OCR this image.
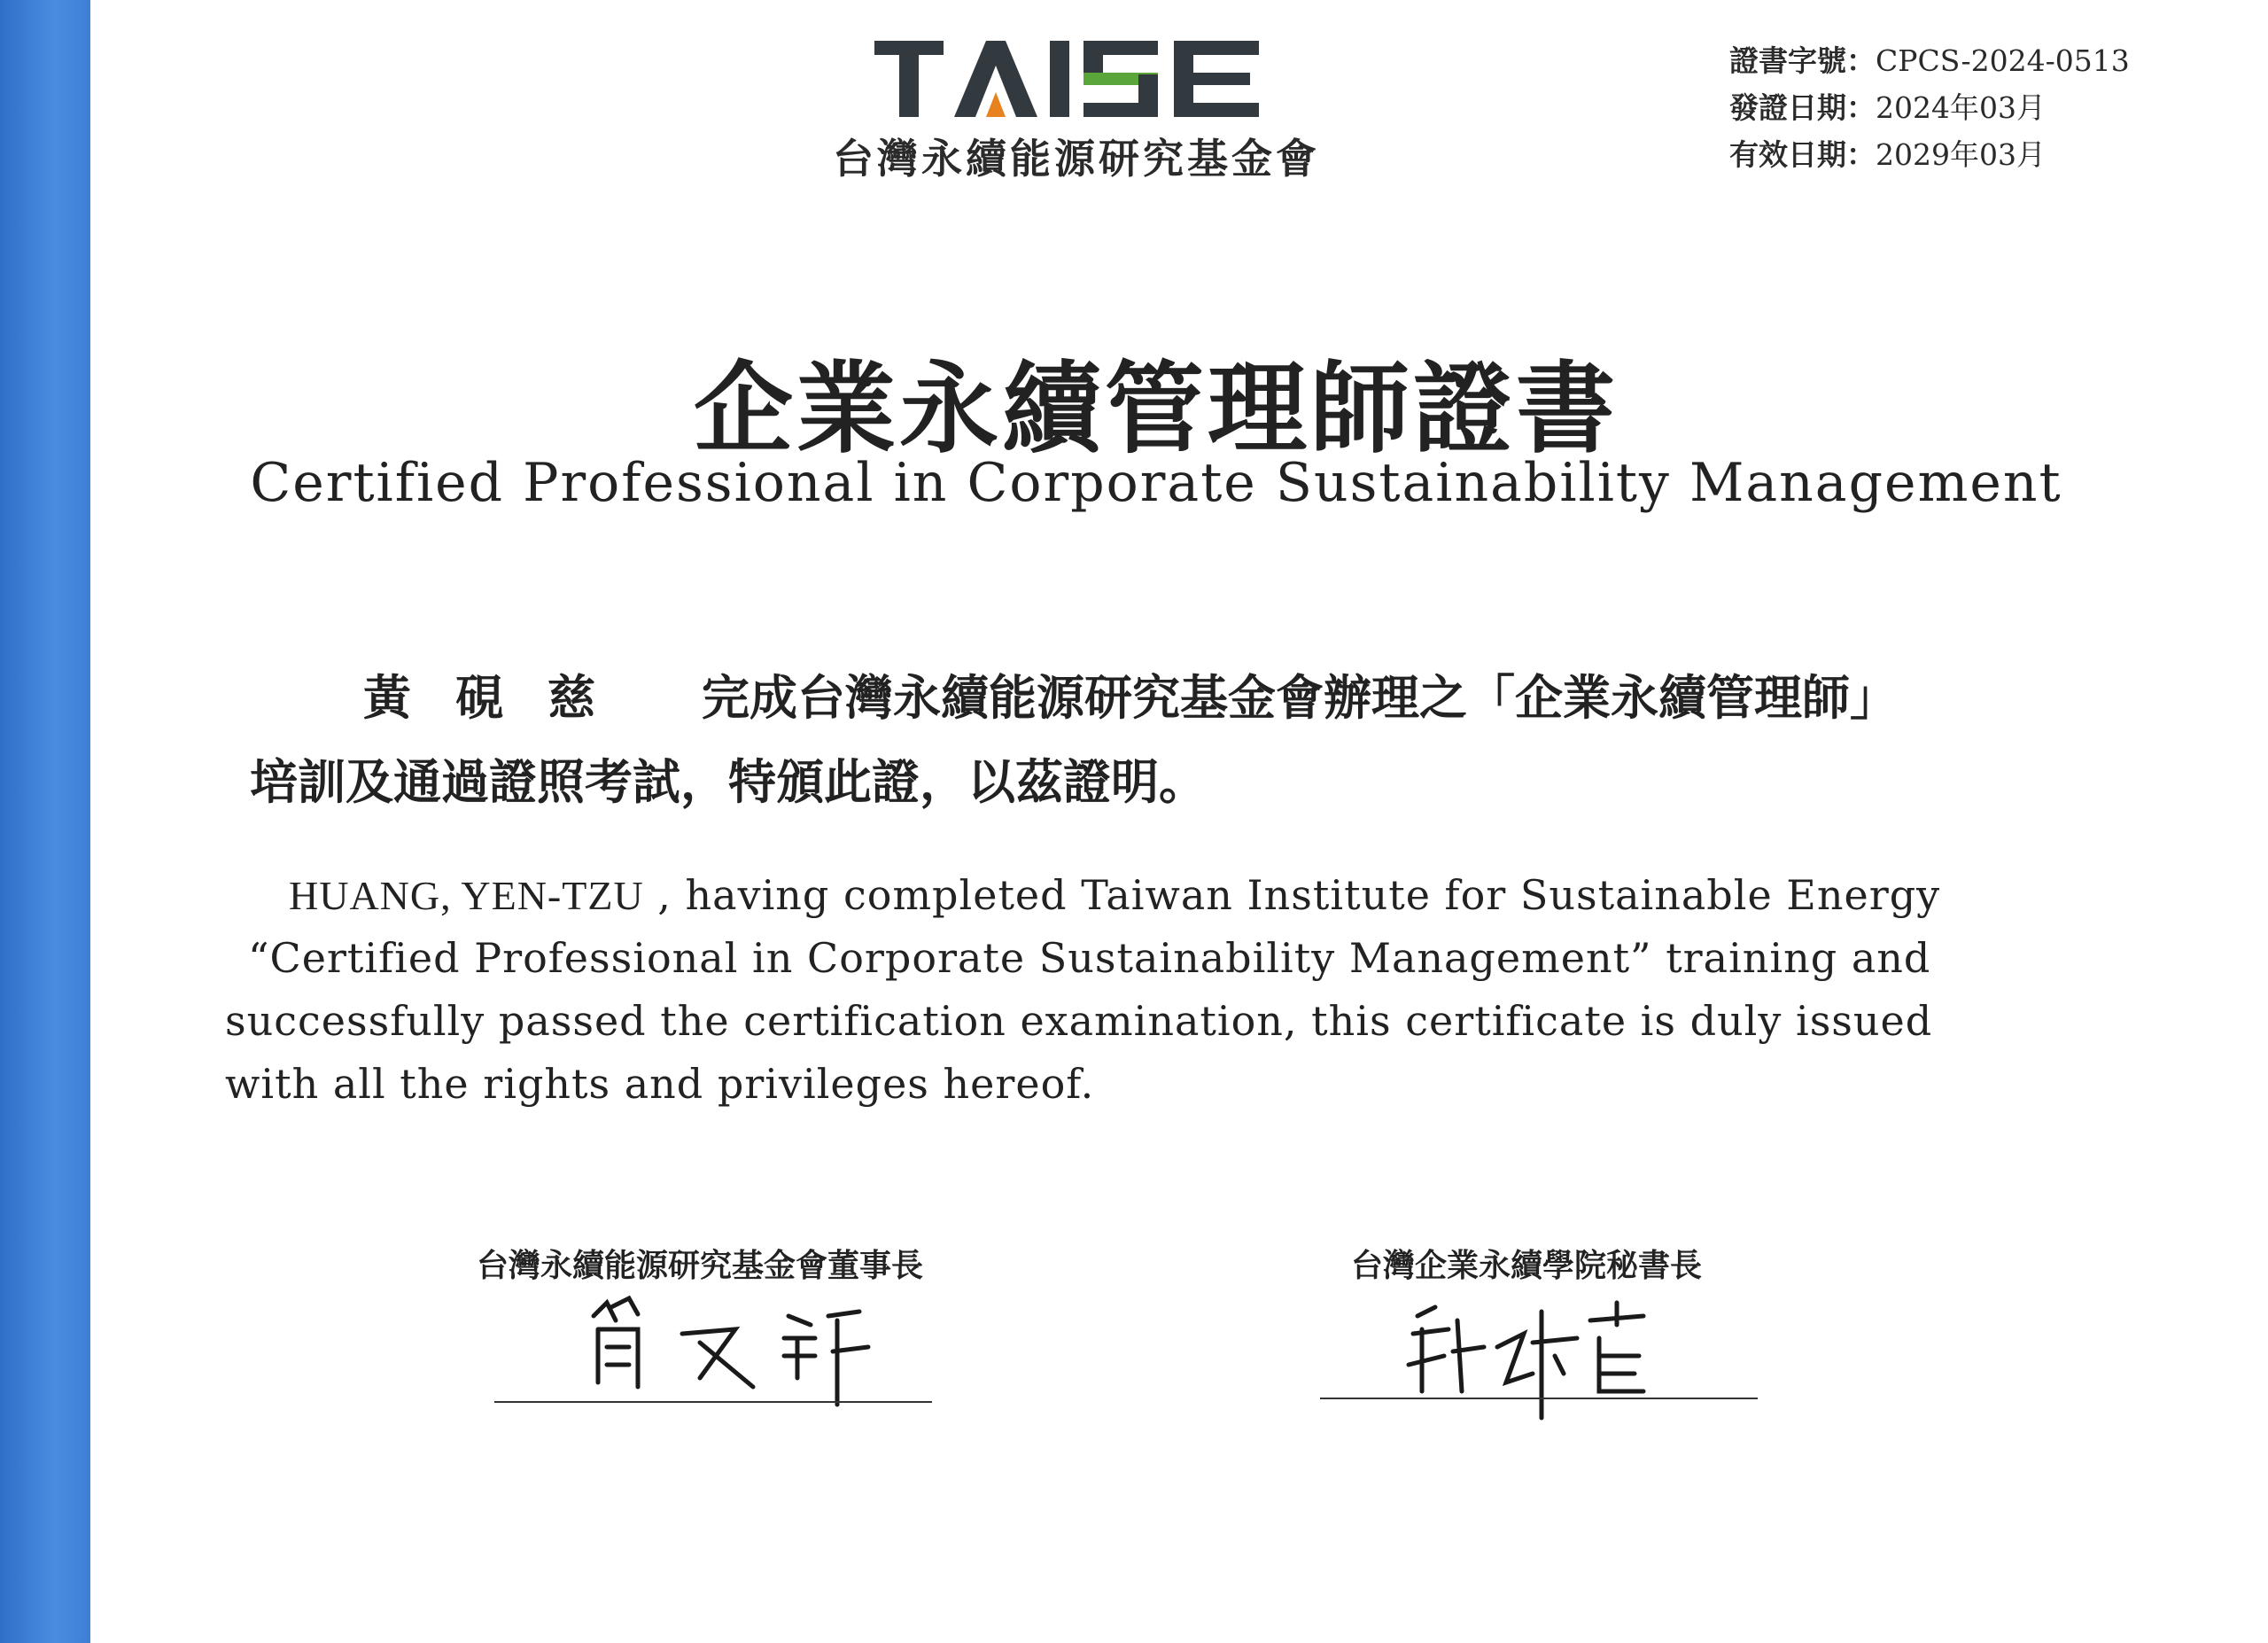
台灣永續能源研究基金會
證書字號：CPCS-2024-0513
發證日期：2024年03月
有效日期：2029年03月
企業永續管理師證書
Certified Professional in Corporate Sustainability Management
黃硯慈 完成台灣永續能源研究基金會辦理之「企業永續管理師」
培訓及通過證照考試，特頒此證，以茲證明。
HUANG, YEN-TZU , having completed Taiwan Institute for Sustainable Energy
“Certified Professional in Corporate Sustainability Management” training and
successfully passed the certification examination, this certificate is duly issued
with all the rights and privileges hereof.
台灣永續能源研究基金會董事長	台灣企業永續學院秘書長
